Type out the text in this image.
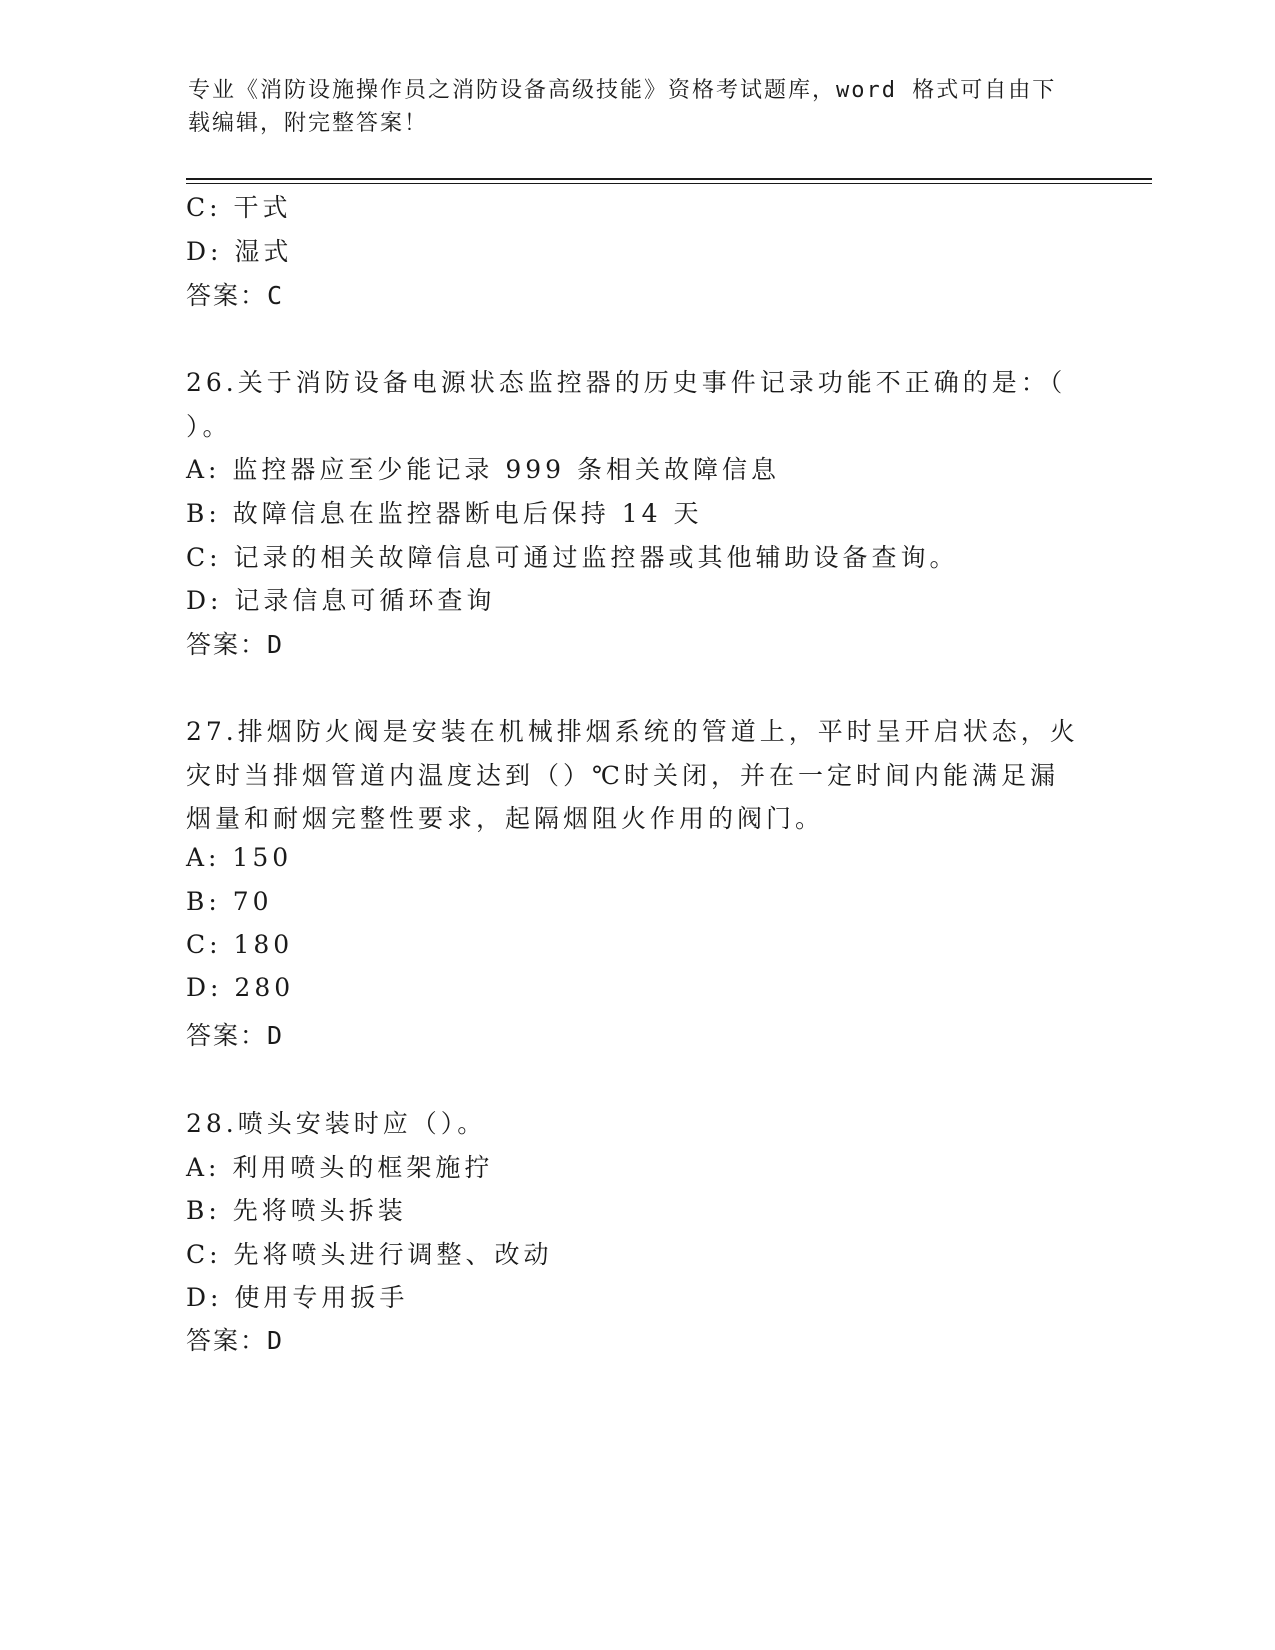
专业《消防设施操作员之消防设备高级技能》资格考试题库，word 格式可自由下
载编辑，附完整答案！
C: 干式
D: 湿式
答案：C
26.关于消防设备电源状态监控器的历史事件记录功能不正确的是：（
）。
A: 监控器应至少能记录 999 条相关故障信息
B: 故障信息在监控器断电后保持 14 天
C: 记录的相关故障信息可通过监控器或其他辅助设备查询。
D: 记录信息可循环查询
答案：D
27.排烟防火阀是安装在机械排烟系统的管道上，平时呈开启状态，火
灾时当排烟管道内温度达到（）℃时关闭，并在一定时间内能满足漏
烟量和耐烟完整性要求，起隔烟阻火作用的阀门。
A: 150
B: 70
C: 180
D: 280
答案：D
28.喷头安装时应（）。
A: 利用喷头的框架施拧
B: 先将喷头拆装
C: 先将喷头进行调整、改动
D: 使用专用扳手
答案：D
